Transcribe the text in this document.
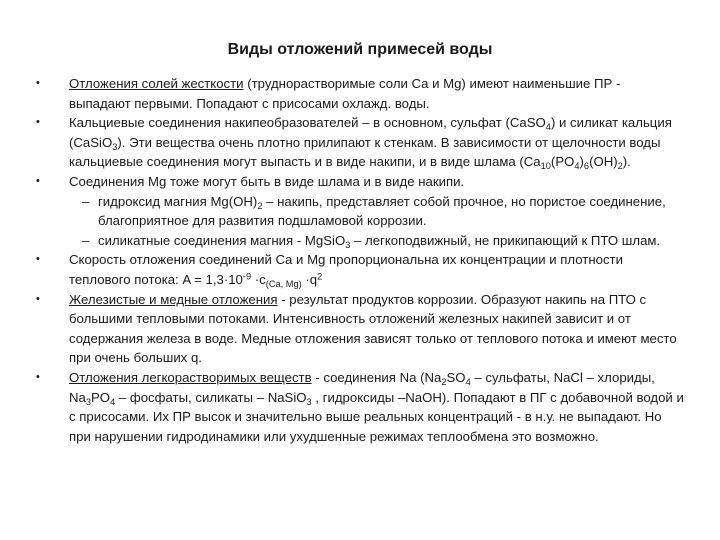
Виды отложений примесей воды
• Отложения солей жесткости (труднорастворимые соли Ca и Mg) имеют наименьшие ПР - выпадают первыми. Попадают с присосами охлажд. воды.
• Кальциевые соединения накипеобразователей – в основном, сульфат (CaSO$_4$) и силикат кальция (CaSiO$_3$). Эти вещества очень плотно прилипают к стенкам. В зависимости от щелочности воды кальциевые соединения могут выпасть и в виде накипи, и в виде шлама $(Ca_{10}(PO_4)_6(OH)_2)$.
• Соединения Mg тоже могут быть в виде шлама и в виде накипи.
– гидроксид магния $Mg(OH)_2$ – накипь, представляет собой прочное, но пористое соединение, благоприятное для развития подшламовой коррозии.
– силикатные соединения магния - MgSiO$_3$ – легкоподвижный, не прикипающий к ПТО шлам.
• Скорость отложения соединений Ca и Mg пропорциональна их концентрации и плотности теплового потока: $A = 1,3\cdot 10^{-9} \cdot c_{(Ca, Mg)} \cdot q^2$
• Железистые и медные отложения - результат продуктов коррозии. Образуют накипь на ПТО с большими тепловыми потоками. Интенсивность отложений железных накипей зависит и от содержания железа в воде. Медные отложения зависят только от теплового потока и имеют место при очень больших q.
• Отложения легкорастворимых веществ - соединения Na ($Na_2SO_4$ – сульфаты, NaCl – хлориды, $Na_3PO_4$ – фосфаты, силикаты – NaSiO$_3$ , гидроксиды –NaOH). Попадают в ПГ с добавочной водой и с присосами. Их ПР высок и значительно выше реальных концентраций - в н.у. не выпадают. Но при нарушении гидродинамики или ухудшенные режимах теплообмена это возможно.
